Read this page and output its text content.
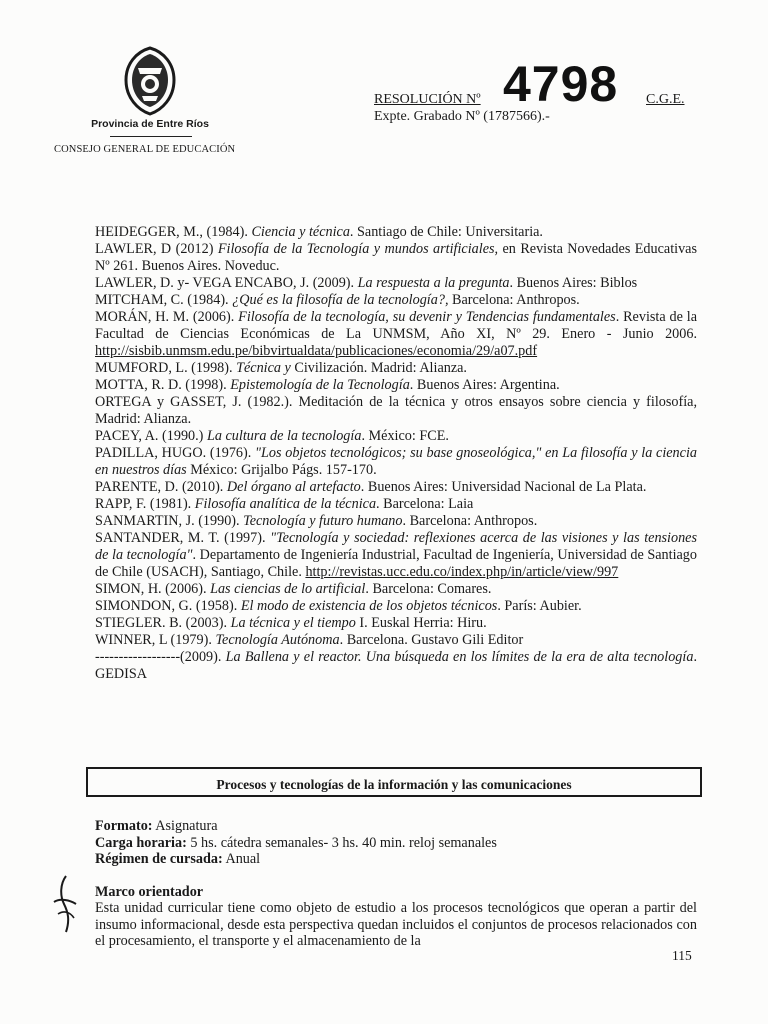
Provincia de Entre Ríos
CONSEJO GENERAL DE EDUCACIÓN
RESOLUCIÓN Nº 4798 C.G.E.
Expte. Grabado Nº (1787566).-

HEIDEGGER, M., (1984). Ciencia y técnica. Santiago de Chile: Universitaria.

LAWLER, D (2012) Filosofía de la Tecnología y mundos artificiales, en Revista Novedades Educativas Nº 261. Buenos Aires. Noveduc.

LAWLER, D. y- VEGA ENCABO, J. (2009). La respuesta a la pregunta. Buenos Aires: Biblos

MITCHAM, C. (1984). ¿Qué es la filosofía de la tecnología?, Barcelona: Anthropos.

MORÁN, H. M. (2006). Filosofía de la tecnología, su devenir y Tendencias fundamentales. Revista de la Facultad de Ciencias Económicas de La UNMSM, Año XI, Nº 29. Enero - Junio 2006. http://sisbib.unmsm.edu.pe/bibvirtualdata/publicaciones/economia/29/a07.pdf

MUMFORD, L. (1998). Técnica y Civilización. Madrid: Alianza.

MOTTA, R. D. (1998). Epistemología de la Tecnología. Buenos Aires: Argentina.

ORTEGA y GASSET, J. (1982.). Meditación de la técnica y otros ensayos sobre ciencia y filosofía, Madrid: Alianza.

PACEY, A. (1990.) La cultura de la tecnología. México: FCE.

PADILLA, HUGO. (1976). "Los objetos tecnológicos; su base gnoseológica," en La filosofía y la ciencia en nuestros días México: Grijalbo Págs. 157-170.

PARENTE, D. (2010). Del órgano al artefacto. Buenos Aires: Universidad Nacional de La Plata.

RAPP, F. (1981). Filosofía analítica de la técnica. Barcelona: Laia

SANMARTIN, J. (1990). Tecnología y futuro humano. Barcelona: Anthropos.

SANTANDER, M. T. (1997). "Tecnología y sociedad: reflexiones acerca de las visiones y las tensiones de la tecnología". Departamento de Ingeniería Industrial, Facultad de Ingeniería, Universidad de Santiago de Chile (USACH), Santiago, Chile. http://revistas.ucc.edu.co/index.php/in/article/view/997

SIMON, H. (2006). Las ciencias de lo artificial. Barcelona: Comares.

SIMONDON, G. (1958). El modo de existencia de los objetos técnicos. París: Aubier.

STIEGLER. B. (2003). La técnica y el tiempo I. Euskal Herria: Hiru.

WINNER, L (1979). Tecnología Autónoma. Barcelona. Gustavo Gili Editor

------------------(2009). La Ballena y el reactor. Una búsqueda en los límites de la era de alta tecnología. GEDISA

Procesos y tecnologías de la información y las comunicaciones
Formato: Asignatura
Carga horaria: 5 hs. cátedra semanales- 3 hs. 40 min. reloj semanales
Régimen de cursada: Anual
Marco orientador
Esta unidad curricular tiene como objeto de estudio a los procesos tecnológicos que operan a partir del insumo informacional, desde esta perspectiva quedan incluidos el conjuntos de procesos relacionados con el procesamiento, el transporte y el almacenamiento de la
115
